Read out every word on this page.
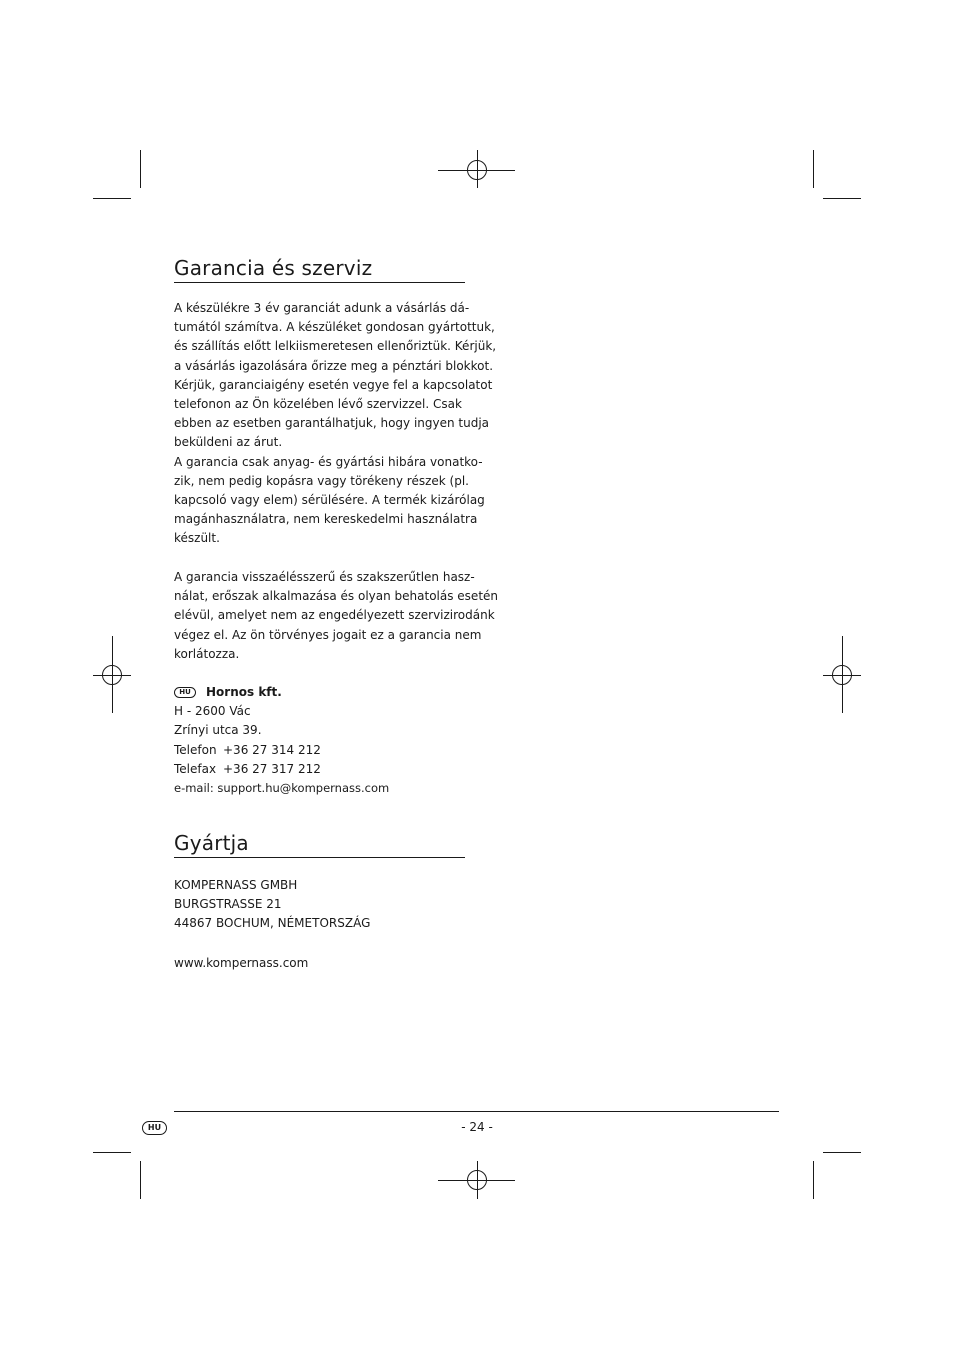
Garancia és szerviz
A készülékre 3 év garanciát adunk a vásárlás dá-
tumától számítva. A készüléket gondosan gyártottuk,
és szállítás előtt lelkiismeretesen ellenőriztük. Kérjük,
a vásárlás igazolására őrizze meg a pénztári blokkot.
Kérjük, garanciaigény esetén vegye fel a kapcsolatot
telefonon az Ön közelében lévő szervizzel. Csak
ebben az esetben garantálhatjuk, hogy ingyen tudja
beküldeni az árut.
A garancia csak anyag- és gyártási hibára vonatko-
zik, nem pedig kopásra vagy törékeny részek (pl.
kapcsoló vagy elem) sérülésére. A termék kizárólag
magánhasználatra, nem kereskedelmi használatra
készült.
A garancia visszaélésszerű és szakszerűtlen hasz-
nálat, erőszak alkalmazása és olyan behatolás esetén
elévül, amelyet nem az engedélyezett szervizirodánk
végez el. Az ön törvényes jogait ez a garancia nem
korlátozza.
HU Hornos kft.
H - 2600 Vác
Zrínyi utca 39.
Telefon +36 27 314 212
Telefax +36 27 317 212
e-mail: support.hu@kompernass.com
Gyártja
KOMPERNASS GMBH
BURGSTRASSE 21
44867 BOCHUM, NÉMETORSZÁG
www.kompernass.com
HU	- 24 -
